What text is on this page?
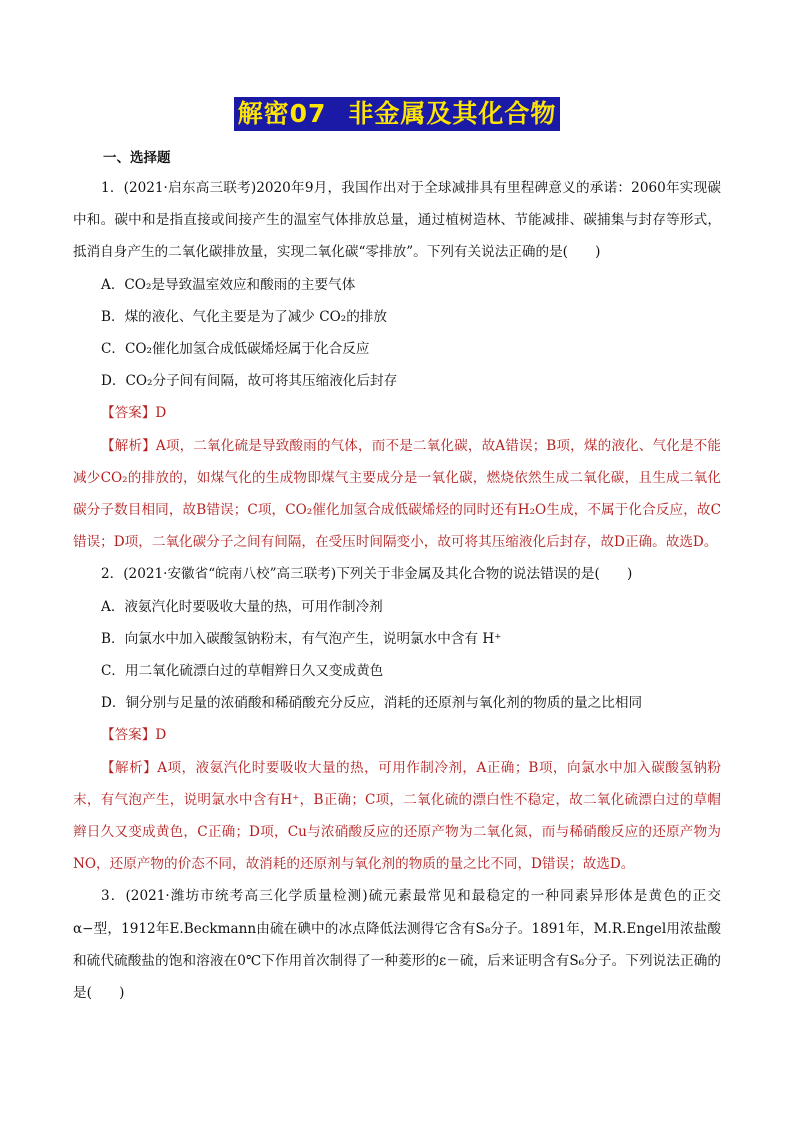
解密07 非金属及其化合物
一、选择题

1．(2021·启东高三联考)2020年9月，我国作出对于全球减排具有里程碑意义的承诺：2060年实现碳中和。碳中和是指直接或间接产生的温室气体排放总量，通过植树造林、节能减排、碳捕集与封存等形式，抵消自身产生的二氧化碳排放量，实现二氧化碳“零排放”。下列有关说法正确的是(　　)

A．CO₂是导致温室效应和酸雨的主要气体

B．煤的液化、气化主要是为了减少 CO₂的排放

C．CO₂催化加氢合成低碳烯烃属于化合反应

D．CO₂分子间有间隔，故可将其压缩液化后封存

【答案】D

【解析】A项，二氧化硫是导致酸雨的气体，而不是二氧化碳，故A错误；B项，煤的液化、气化是不能减少CO₂的排放的，如煤气化的生成物即煤气主要成分是一氧化碳，燃烧依然生成二氧化碳，且生成二氧化碳分子数目相同，故B错误；C项，CO₂催化加氢合成低碳烯烃的同时还有H₂O生成，不属于化合反应，故C错误；D项，二氧化碳分子之间有间隔，在受压时间隔变小，故可将其压缩液化后封存，故D正确。故选D。

2．(2021·安徽省“皖南八校”高三联考)下列关于非金属及其化合物的说法错误的是(　　)

A．液氨汽化时要吸收大量的热，可用作制冷剂

B．向氯水中加入碳酸氢钠粉末，有气泡产生，说明氯水中含有 H⁺

C．用二氧化硫漂白过的草帽辫日久又变成黄色

D．铜分别与足量的浓硝酸和稀硝酸充分反应，消耗的还原剂与氧化剂的物质的量之比相同

【答案】D

【解析】A项，液氨汽化时要吸收大量的热，可用作制冷剂，A正确；B项，向氯水中加入碳酸氢钠粉末，有气泡产生，说明氯水中含有H⁺，B正确；C项，二氧化硫的漂白性不稳定，故二氧化硫漂白过的草帽辫日久又变成黄色，C正确；D项，Cu与浓硝酸反应的还原产物为二氧化氮，而与稀硝酸反应的还原产物为NO，还原产物的价态不同，故消耗的还原剂与氧化剂的物质的量之比不同，D错误；故选D。

3．(2021·潍坊市统考高三化学质量检测)硫元素最常见和最稳定的一种同素异形体是黄色的正交α−型，1912年E.Beckmann由硫在碘中的冰点降低法测得它含有S₈分子。1891年，M.R.Engel用浓盐酸和硫代硫酸盐的饱和溶液在0℃下作用首次制得了一种菱形的ε－硫，后来证明含有S₆分子。下列说法正确的是(　　)
